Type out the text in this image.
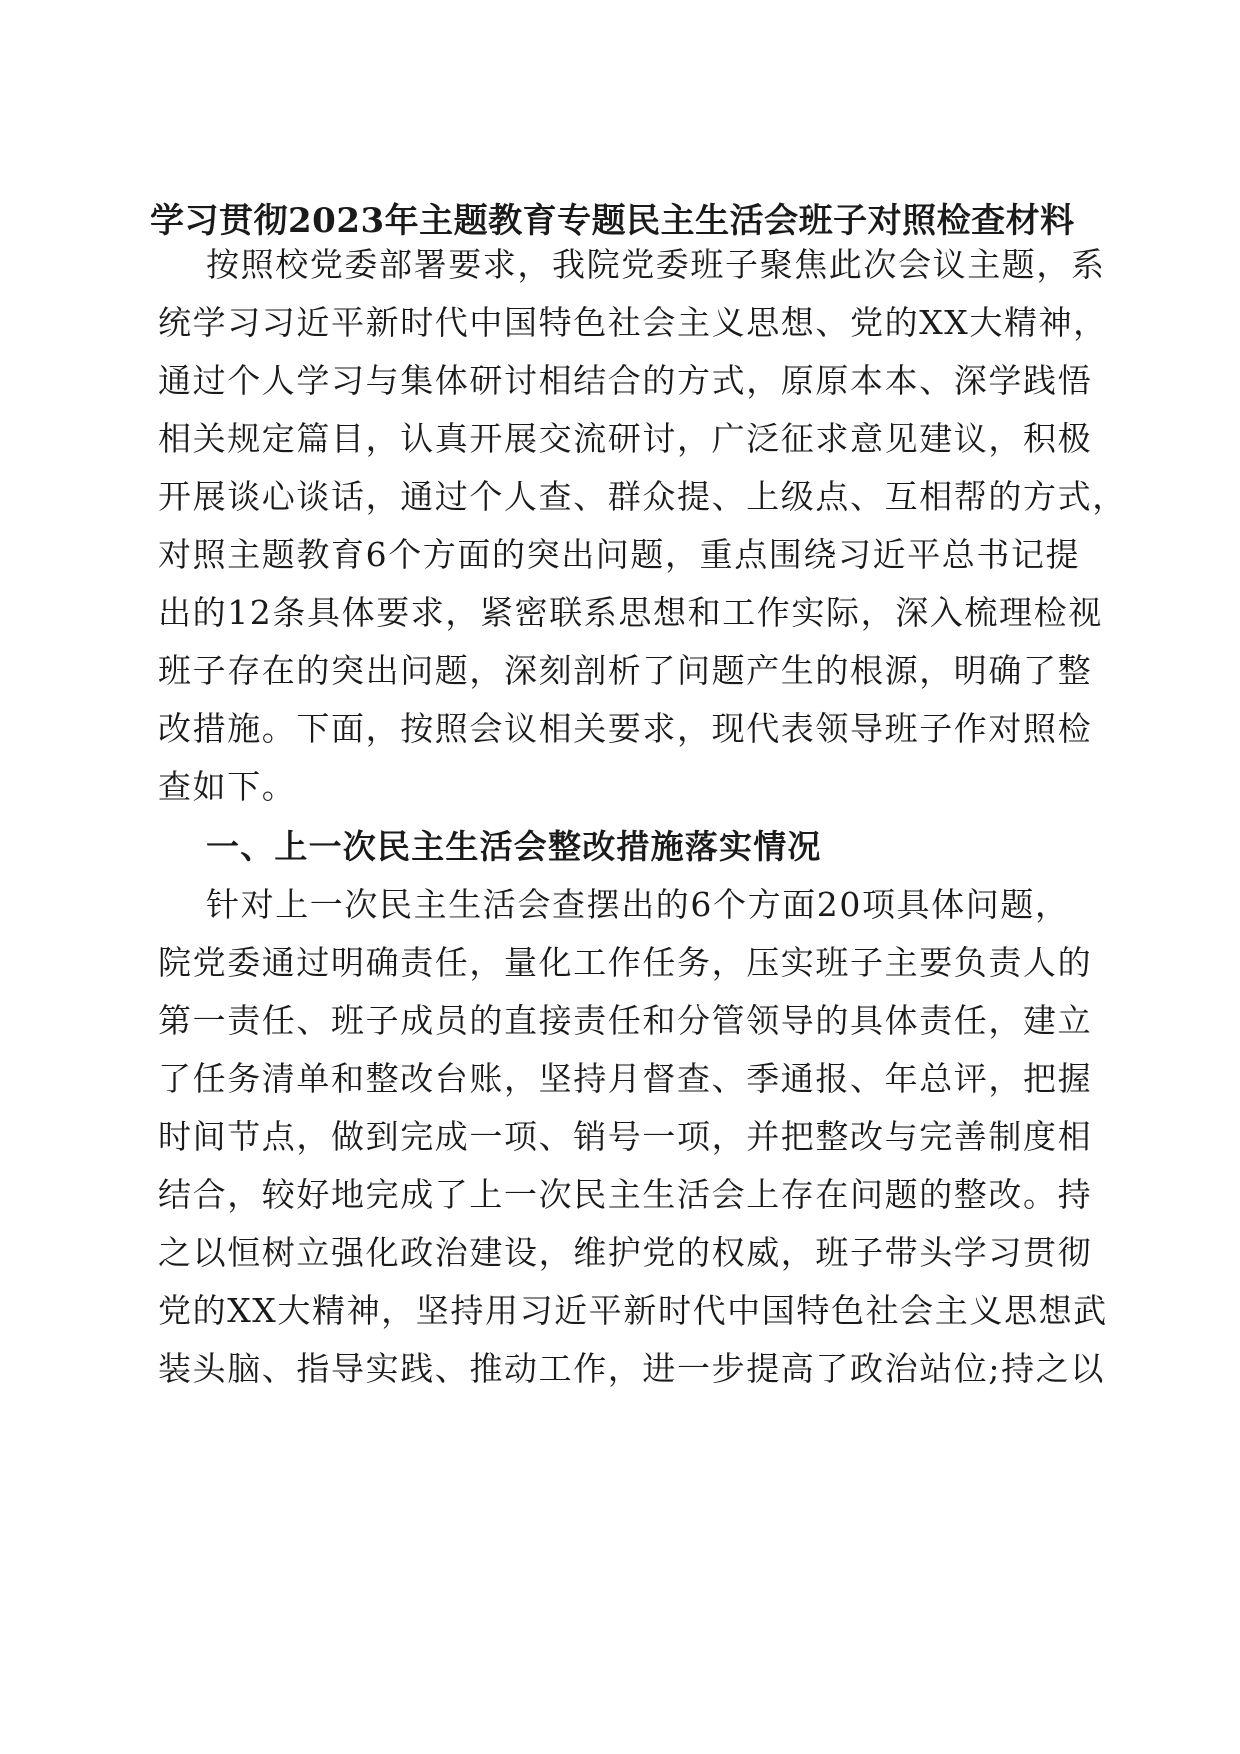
学习贯彻2023年主题教育专题民主生活会班子对照检查材料
按照校党委部署要求，我院党委班子聚焦此次会议主题，系
统学习习近平新时代中国特色社会主义思想、党的XX大精神，
通过个人学习与集体研讨相结合的方式，原原本本、深学践悟
相关规定篇目，认真开展交流研讨，广泛征求意见建议，积极
开展谈心谈话，通过个人查、群众提、上级点、互相帮的方式，
对照主题教育6个方面的突出问题，重点围绕习近平总书记提
出的12条具体要求，紧密联系思想和工作实际，深入梳理检视
班子存在的突出问题，深刻剖析了问题产生的根源，明确了整
改措施。下面，按照会议相关要求，现代表领导班子作对照检
查如下。
一、上一次民主生活会整改措施落实情况
针对上一次民主生活会查摆出的6个方面20项具体问题，
院党委通过明确责任，量化工作任务，压实班子主要负责人的
第一责任、班子成员的直接责任和分管领导的具体责任，建立
了任务清单和整改台账，坚持月督查、季通报、年总评，把握
时间节点，做到完成一项、销号一项，并把整改与完善制度相
结合，较好地完成了上一次民主生活会上存在问题的整改。持
之以恒树立强化政治建设，维护党的权威，班子带头学习贯彻
党的XX大精神，坚持用习近平新时代中国特色社会主义思想武
装头脑、指导实践、推动工作，进一步提高了政治站位;持之以
